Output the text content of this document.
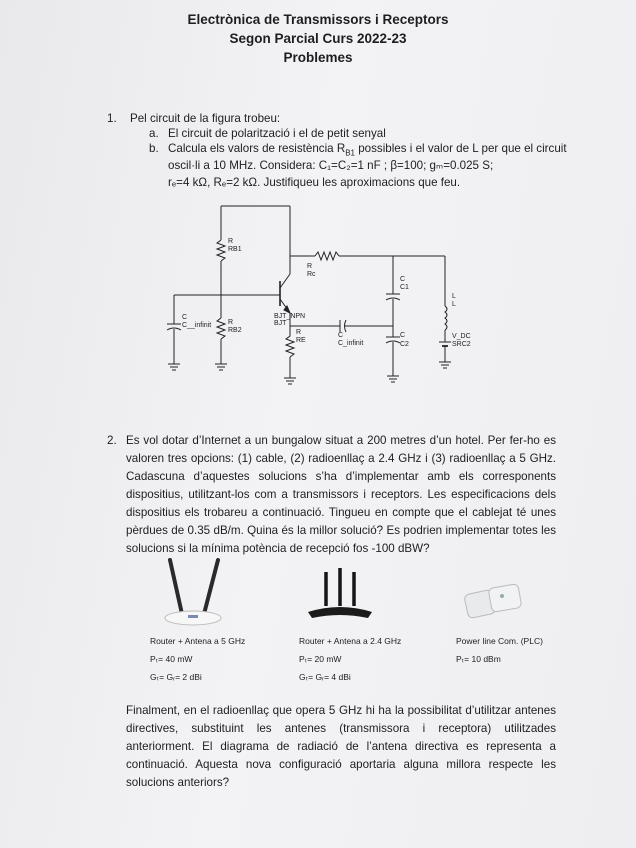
Electrònica de Transmissors i Receptors
Segon Parcial Curs 2022-23
Problemes
1. Pel circuit de la figura trobeu:
a. El circuit de polarització i el de petit senyal
b. Calcula els valors de resistència $R_{B1}$ possibles i el valor de L per que el circuit
oscil·li a 10 MHz. Considera: C₁=C₂=1 nF ; β=100; gₘ=0.025 S;
rₑ=4 kΩ, Rₑ=2 kΩ. Justifiqueu les aproximacions que feu.
R
RB1
R
Rc
C
C__infinit R
RB2
BJT_NPN
BJT
R
RE
C
C_infinit
C
C1
C
C2
L
L
V_DC
SRC2
2. Es vol dotar d’Internet a un bungalow situat a 200 metres d’un hotel. Per fer-ho es valoren tres opcions: (1) cable, (2) radioenllaç a 2.4 GHz i (3) radioenllaç a 5 GHz. Cadascuna d’aquestes solucions s’ha d’implementar amb els corresponents dispositius, utilitzant-los com a transmissors i receptors. Les especificacions dels dispositius els trobareu a continuació. Tingueu en compte que el cablejat té unes pèrdues de 0.35 dB/m. Quina és la millor solució? Es podrien implementar totes les solucions si la mínima potència de recepció fos -100 dBW?
Router + Antena a 5 GHz
Pₜ= 40 mW
Gₜ= Gᵣ= 2 dBi
Router + Antena a 2.4 GHz
Pₜ= 20 mW
Gₜ= Gᵣ= 4 dBi
Power line Com. (PLC)
Pₜ= 10 dBm
Finalment, en el radioenllaç que opera 5 GHz hi ha la possibilitat d’utilitzar antenes directives, substituint les antenes (transmissora i receptora) utilitzades anteriorment. El diagrama de radiació de l’antena directiva es representa a continuació. Aquesta nova configuració aportaria alguna millora respecte les solucions anteriors?
